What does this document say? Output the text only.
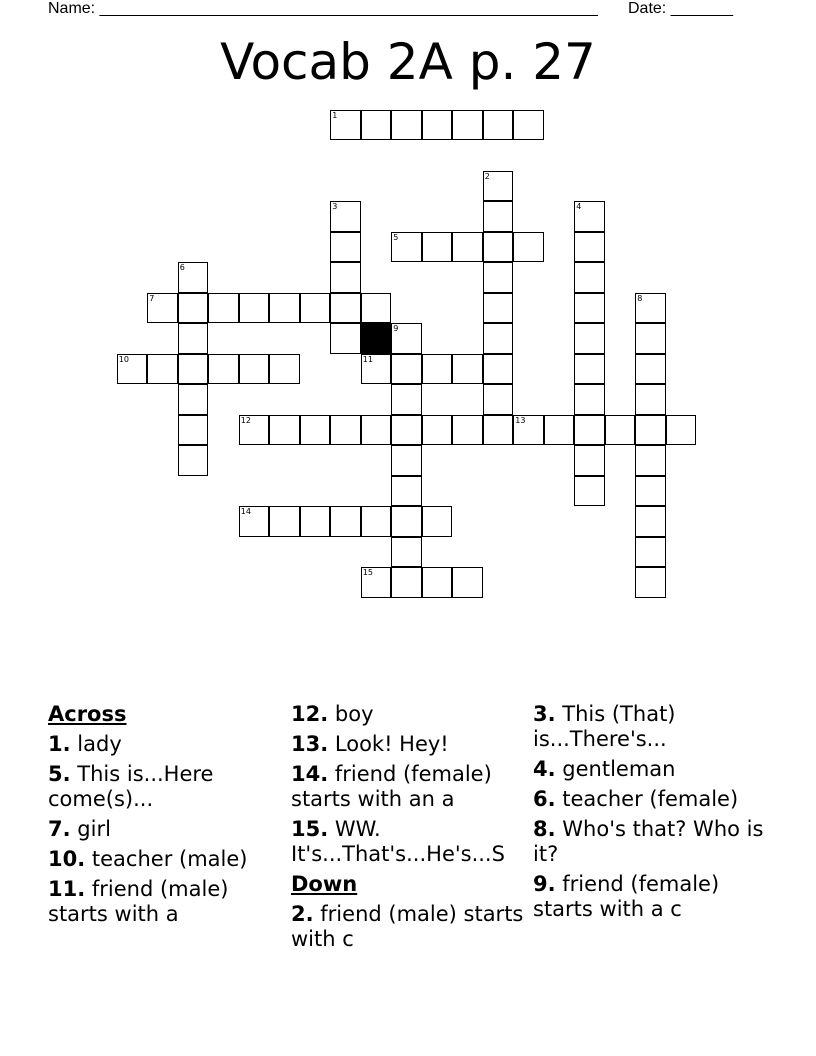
Name: ________________________________________________________ Date: _______
Vocab 2A p. 27
1
2
3	4
5
6
7	8
9
10	11
12	13
14
15
Across
1. lady
5. This is...Here come(s)...
7. girl
10. teacher (male)
11. friend (male) starts with a
12. boy
13. Look! Hey!
14. friend (female) starts with an a
15. WW.
It's...That's...He's...S
Down
2. friend (male) starts with c
3. This (That) is...There's...
4. gentleman
6. teacher (female)
8. Who's that? Who is it?
9. friend (female) starts with a c
